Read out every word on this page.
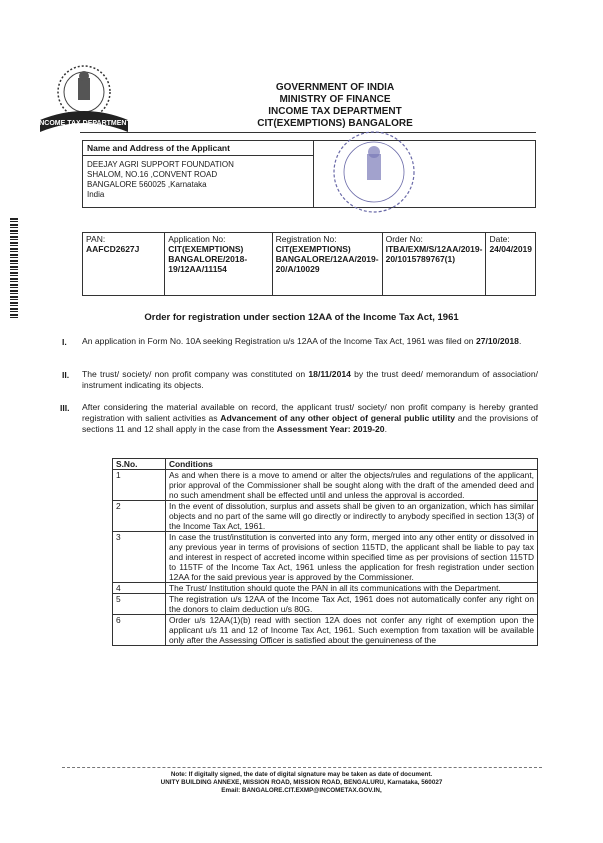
INCOME TAX DEPARTMENT
GOVERNMENT OF INDIA
MINISTRY OF FINANCE
INCOME TAX DEPARTMENT
CIT(EXEMPTIONS) BANGALORE
Name and Address of the Applicant
DEEJAY AGRI SUPPORT FOUNDATION
SHALOM, NO.16 ,CONVENT ROAD
BANGALORE 560025 ,Karnataka
India
PAN:
AAFCD2627J
	Application No:
CIT(EXEMPTIONS) BANGALORE/2018-19/12AA/11154
	Registration No:
CIT(EXEMPTIONS) BANGALORE/12AA/2019-20/A/10029
	Order No:
ITBA/EXM/S/12AA/2019-20/1015789767(1)
	Date:
24/04/2019
Order for registration under section 12AA of the Income Tax Act, 1961
I. An application in Form No. 10A seeking Registration u/s 12AA of the Income Tax Act, 1961 was filed on 27/10/2018.
II. The trust/ society/ non profit company was constituted on 18/11/2014 by the trust deed/ memorandum of association/ instrument indicating its objects.
III. After considering the material available on record, the applicant trust/ society/ non profit company is hereby granted registration with salient activities as Advancement of any other object of general public utility and the provisions of sections 11 and 12 shall apply in the case from the Assessment Year: 2019-20.
S.No.	Conditions
1	As and when there is a move to amend or alter the objects/rules and regulations of the applicant, prior approval of the Commissioner shall be sought along with the draft of the amended deed and no such amendment shall be effected until and unless the approval is accorded.
2	In the event of dissolution, surplus and assets shall be given to an organization, which has similar objects and no part of the same will go directly or indirectly to anybody specified in section 13(3) of the Income Tax Act, 1961.
3	In case the trust/institution is converted into any form, merged into any other entity or dissolved in any previous year in terms of provisions of section 115TD, the applicant shall be liable to pay tax and interest in respect of accreted income within specified time as per provisions of section 115TD to 115TF of the Income Tax Act, 1961 unless the application for fresh registration under section 12AA for the said previous year is approved by the Commissioner.
4	The Trust/ Institution should quote the PAN in all its communications with the Department.
5	The registration u/s 12AA of the Income Tax Act, 1961 does not automatically confer any right on the donors to claim deduction u/s 80G.
6	Order u/s 12AA(1)(b) read with section 12A does not confer any right of exemption upon the applicant u/s 11 and 12 of Income Tax Act, 1961. Such exemption from taxation will be available only after the Assessing Officer is satisfied about the genuineness of the
Note: If digitally signed, the date of digital signature may be taken as date of document.
UNITY BUILDING ANNEXE, MISSION ROAD, MISSION ROAD, BENGALURU, Karnataka, 560027
Email: BANGALORE.CIT.EXMP@INCOMETAX.GOV.IN,
